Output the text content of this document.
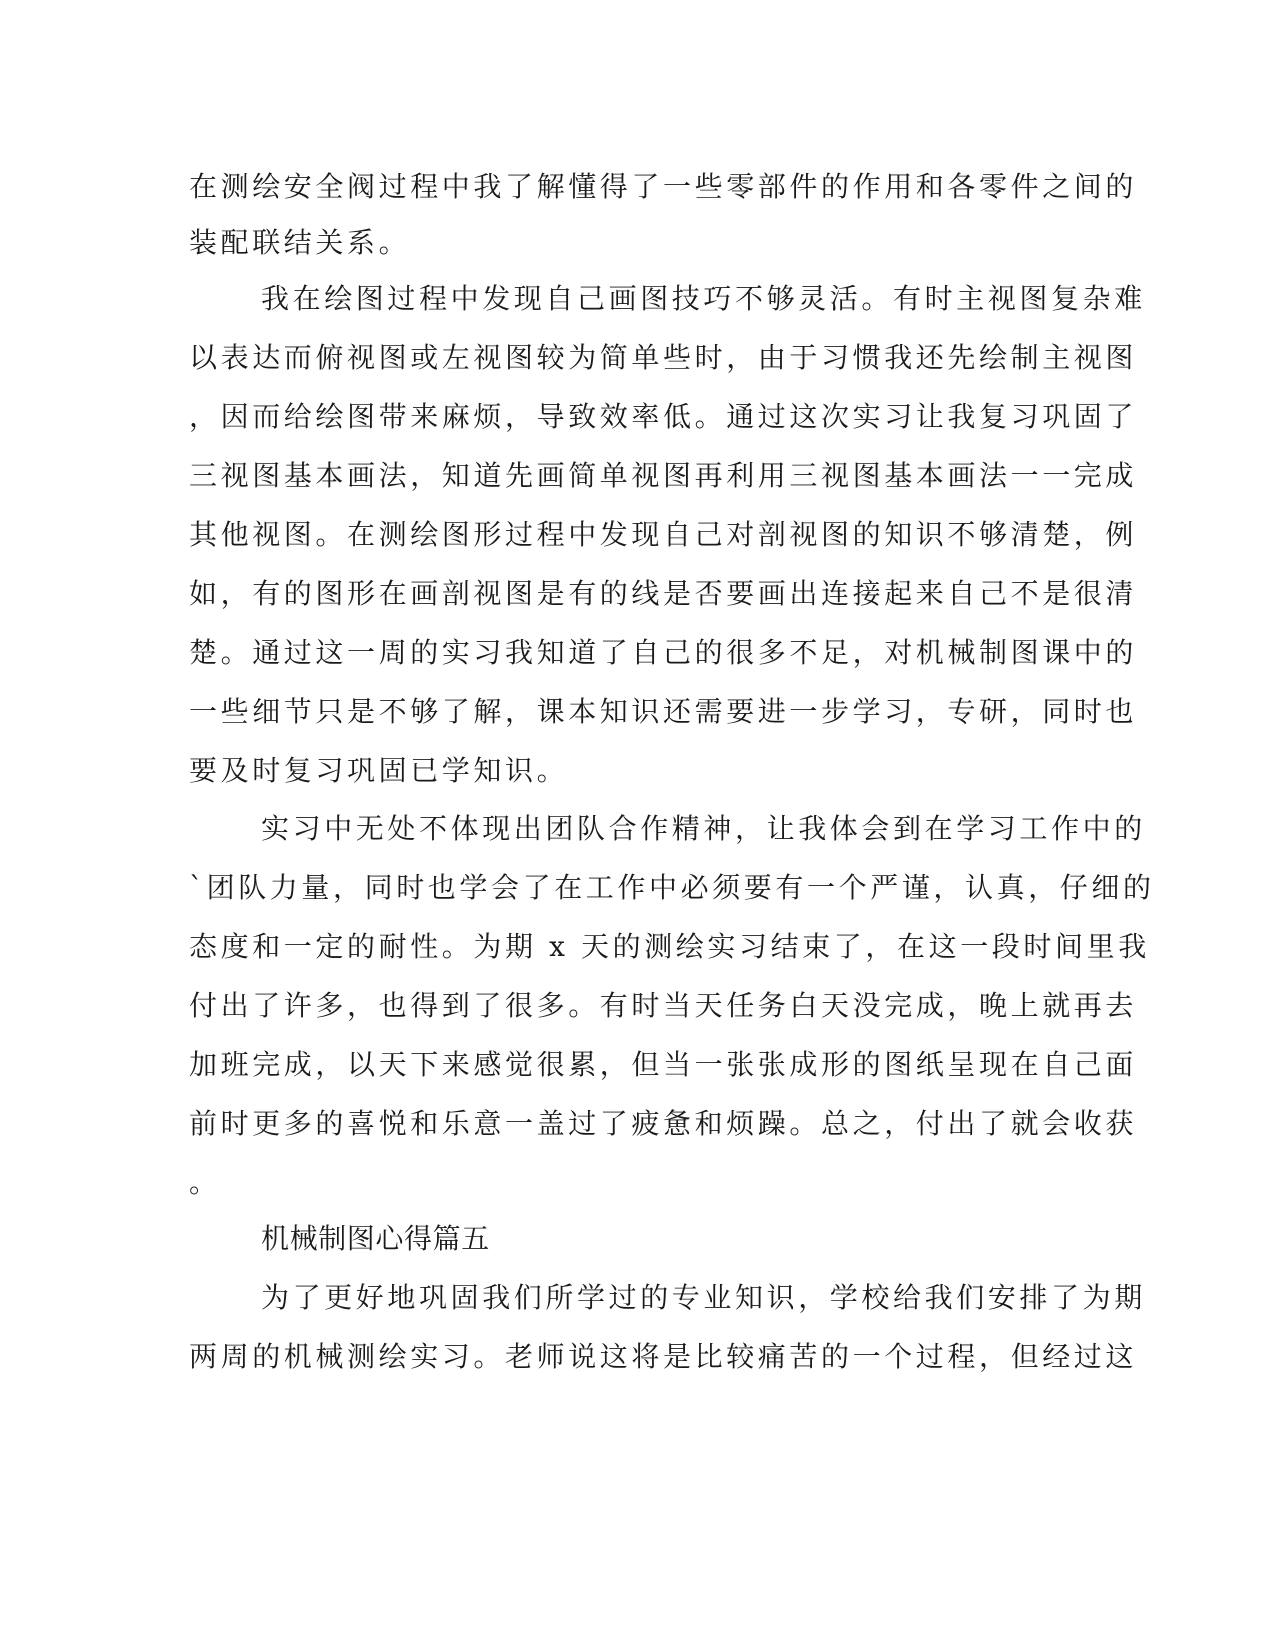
在测绘安全阀过程中我了解懂得了一些零部件的作用和各零件之间的
装配联结关系。
我在绘图过程中发现自己画图技巧不够灵活。有时主视图复杂难
以表达而俯视图或左视图较为简单些时，由于习惯我还先绘制主视图
，因而给绘图带来麻烦，导致效率低。通过这次实习让我复习巩固了
三视图基本画法，知道先画简单视图再利用三视图基本画法一一完成
其他视图。在测绘图形过程中发现自己对剖视图的知识不够清楚，例
如，有的图形在画剖视图是有的线是否要画出连接起来自己不是很清
楚。通过这一周的实习我知道了自己的很多不足，对机械制图课中的
一些细节只是不够了解，课本知识还需要进一步学习，专研，同时也
要及时复习巩固已学知识。
实习中无处不体现出团队合作精神，让我体会到在学习工作中的
`团队力量，同时也学会了在工作中必须要有一个严谨，认真，仔细的
态度和一定的耐性。为期 x 天的测绘实习结束了，在这一段时间里我
付出了许多，也得到了很多。有时当天任务白天没完成，晚上就再去
加班完成，以天下来感觉很累，但当一张张成形的图纸呈现在自己面
前时更多的喜悦和乐意一盖过了疲惫和烦躁。总之，付出了就会收获
。
机械制图心得篇五
为了更好地巩固我们所学过的专业知识，学校给我们安排了为期
两周的机械测绘实习。老师说这将是比较痛苦的一个过程，但经过这
